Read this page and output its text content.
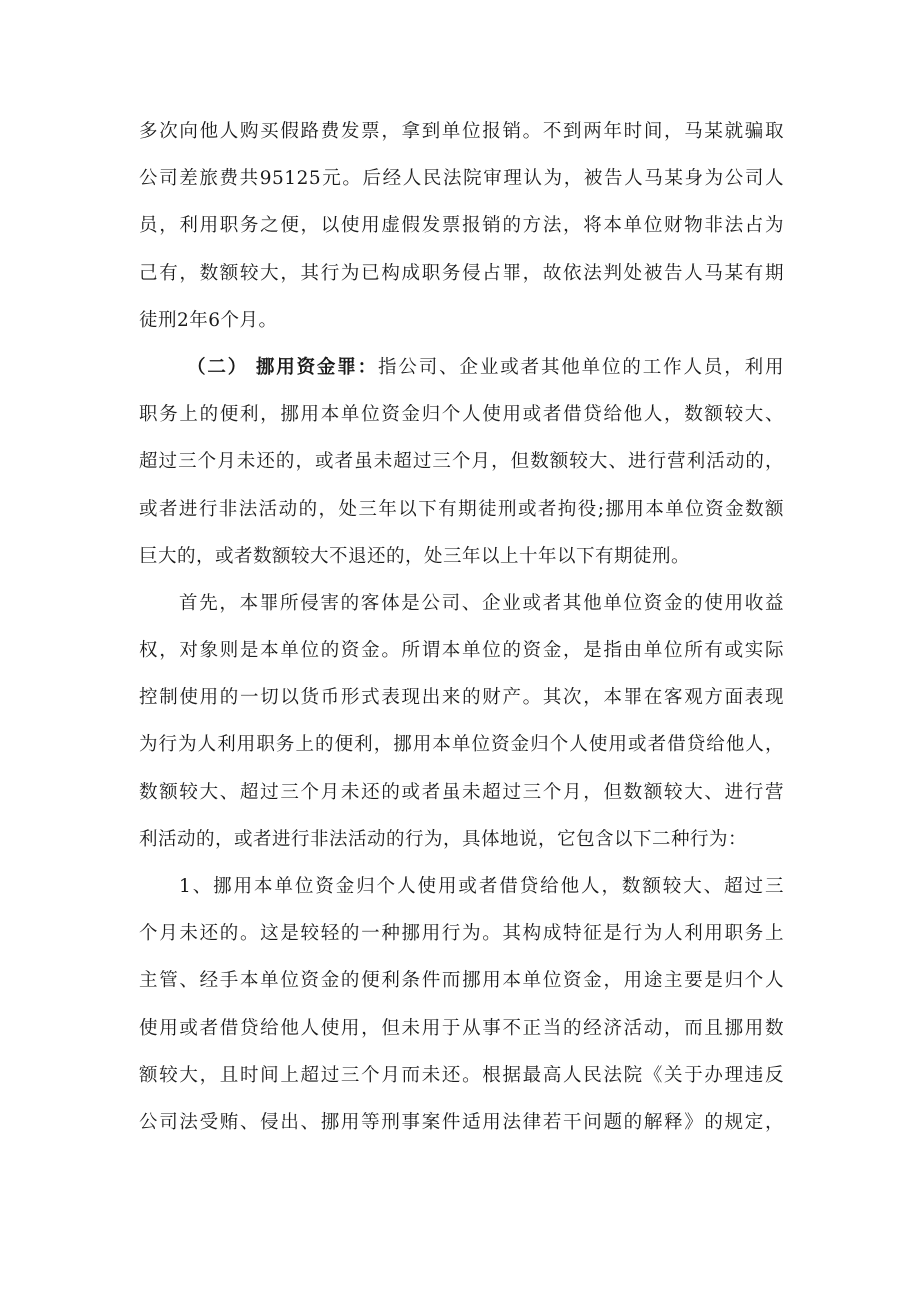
多次向他人购买假路费发票，拿到单位报销。不到两年时间，马某就骗取
公司差旅费共95125元。后经人民法院审理认为，被告人马某身为公司人
员，利用职务之便，以使用虚假发票报销的方法，将本单位财物非法占为
己有，数额较大，其行为已构成职务侵占罪，故依法判处被告人马某有期
徒刑2年6个月。
（二） 挪用资金罪：指公司、企业或者其他单位的工作人员，利用
职务上的便利，挪用本单位资金归个人使用或者借贷给他人，数额较大、
超过三个月未还的，或者虽未超过三个月，但数额较大、进行营利活动的，
或者进行非法活动的，处三年以下有期徒刑或者拘役;挪用本单位资金数额
巨大的，或者数额较大不退还的，处三年以上十年以下有期徒刑。
首先，本罪所侵害的客体是公司、企业或者其他单位资金的使用收益
权，对象则是本单位的资金。所谓本单位的资金，是指由单位所有或实际
控制使用的一切以货币形式表现出来的财产。其次，本罪在客观方面表现
为行为人利用职务上的便利，挪用本单位资金归个人使用或者借贷给他人，
数额较大、超过三个月未还的或者虽未超过三个月，但数额较大、进行营
利活动的，或者进行非法活动的行为，具体地说，它包含以下二种行为：
1、挪用本单位资金归个人使用或者借贷给他人，数额较大、超过三
个月未还的。这是较轻的一种挪用行为。其构成特征是行为人利用职务上
主管、经手本单位资金的便利条件而挪用本单位资金，用途主要是归个人
使用或者借贷给他人使用，但未用于从事不正当的经济活动，而且挪用数
额较大，且时间上超过三个月而未还。根据最高人民法院《关于办理违反
公司法受贿、侵出、挪用等刑事案件适用法律若干问题的解释》的规定，
